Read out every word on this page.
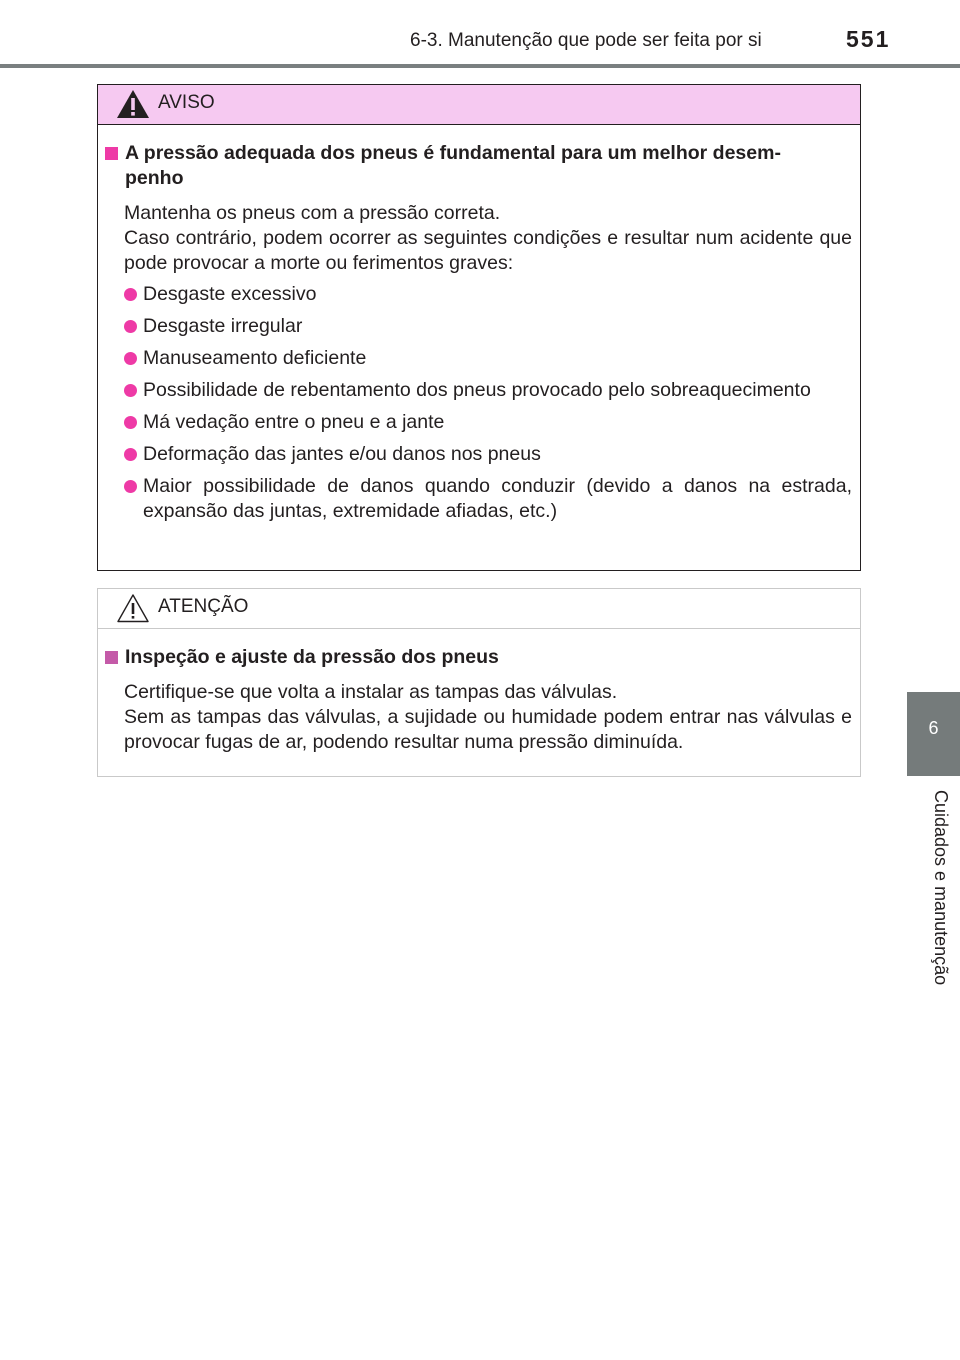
6-3. Manutenção que pode ser feita por si	551
6
Cuidados e manutenção
AVISO
A pressão adequada dos pneus é fundamental para um melhor desem-
penho
Mantenha os pneus com a pressão correta.
Caso contrário, podem ocorrer as seguintes condições e resultar num acidente que pode provocar a morte ou ferimentos graves:
Desgaste excessivo
Desgaste irregular
Manuseamento deficiente
Possibilidade de rebentamento dos pneus provocado pelo sobreaquecimento
Má vedação entre o pneu e a jante
Deformação das jantes e/ou danos nos pneus
Maior possibilidade de danos quando conduzir (devido a danos na estrada, expansão das juntas, extremidade afiadas, etc.)
ATENÇÃO
Inspeção e ajuste da pressão dos pneus
Certifique-se que volta a instalar as tampas das válvulas.
Sem as tampas das válvulas, a sujidade ou humidade podem entrar nas válvulas e provocar fugas de ar, podendo resultar numa pressão diminuída.
